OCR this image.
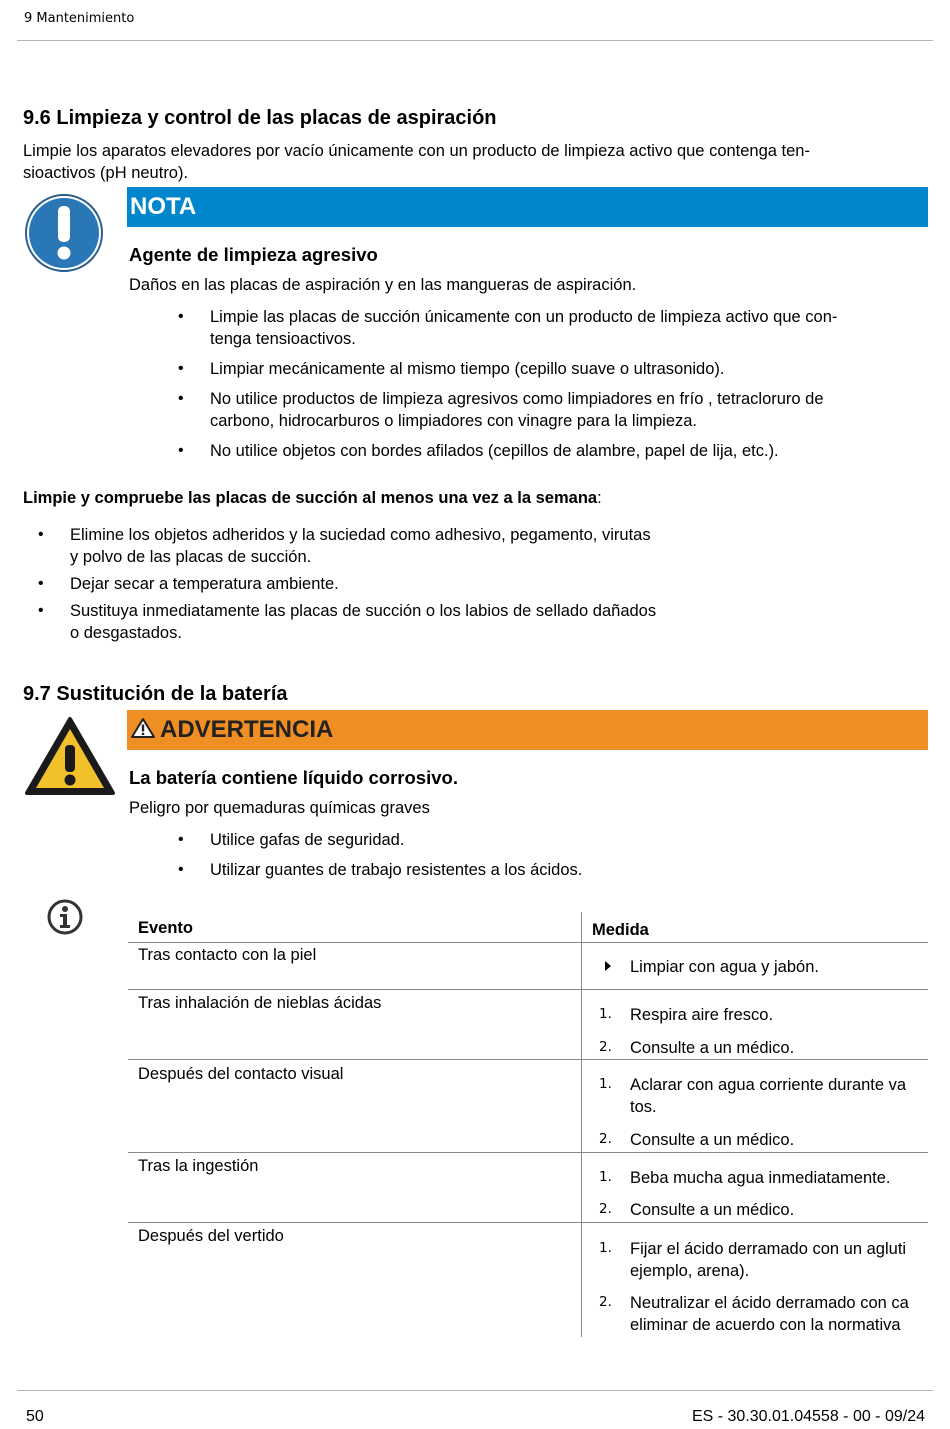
9 Mantenimiento
9.6 Limpieza y control de las placas de aspiración

Limpie los aparatos elevadores por vacío únicamente con un producto de limpieza activo que contenga ten-

sioactivos (pH neutro).

NOTA
Agente de limpieza agresivo
Daños en las placas de aspiración y en las mangueras de aspiración.
• Limpie las placas de succión únicamente con un producto de limpieza activo que con-
tenga tensioactivos.
• Limpiar mecánicamente al mismo tiempo (cepillo suave o ultrasonido).
• No utilice productos de limpieza agresivos como limpiadores en frío , tetracloruro de
carbono, hidrocarburos o limpiadores con vinagre para la limpieza.
• No utilice objetos con bordes afilados (cepillos de alambre, papel de lija, etc.).
Limpie y compruebe las placas de succión al menos una vez a la semana:
• Elimine los objetos adheridos y la suciedad como adhesivo, pegamento, virutas
y polvo de las placas de succión.
• Dejar secar a temperatura ambiente.
• Sustituya inmediatamente las placas de succión o los labios de sellado dañados
o desgastados.
9.7 Sustitución de la batería
ADVERTENCIA
La batería contiene líquido corrosivo.
Peligro por quemaduras químicas graves
• Utilice gafas de seguridad.
• Utilizar guantes de trabajo resistentes a los ácidos.
Evento	Medida
Tras contacto con la piel
Limpiar con agua y jabón.
Tras inhalación de nieblas ácidas
1. Respira aire fresco.
2. Consulte a un médico.
Después del contacto visual
1. Aclarar con agua corriente durante va
tos.
2. Consulte a un médico.
Tras la ingestión
1. Beba mucha agua inmediatamente.
2. Consulte a un médico.
Después del vertido
1. Fijar el ácido derramado con un agluti
ejemplo, arena).
2. Neutralizar el ácido derramado con ca
eliminar de acuerdo con la normativa
50	ES - 30.30.01.04558 - 00 - 09/24
